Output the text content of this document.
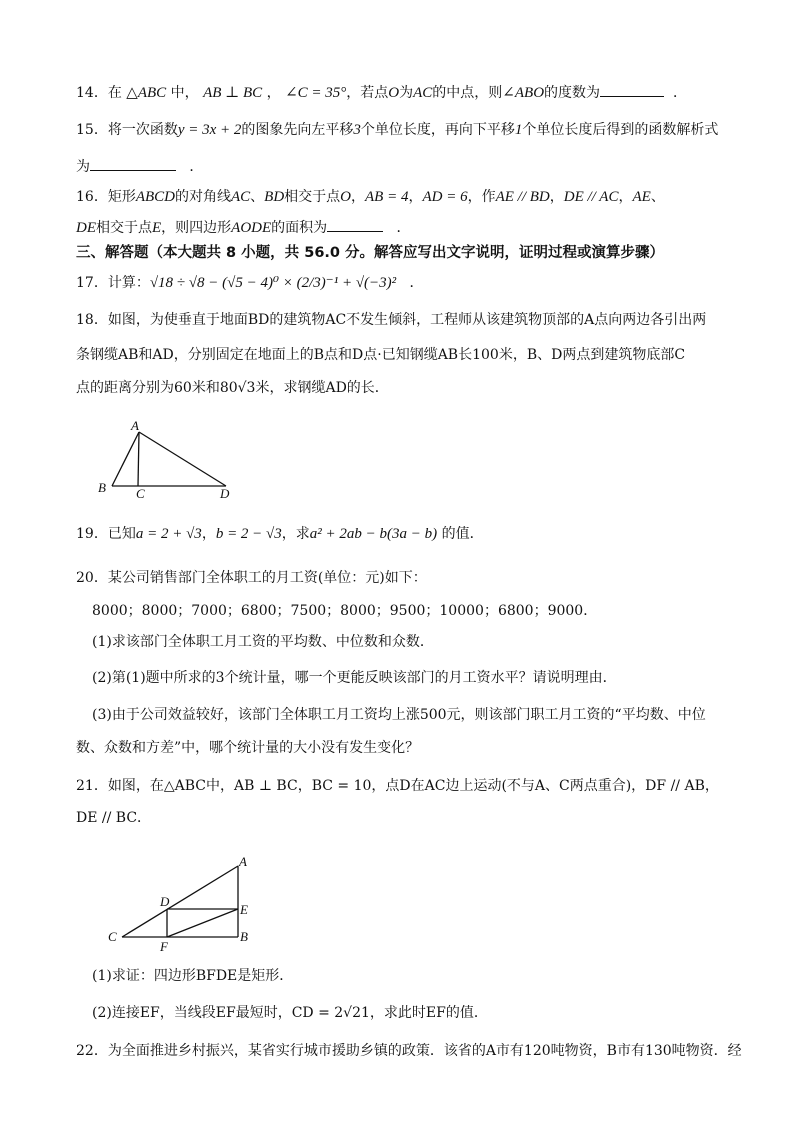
14．在 △ABC 中， AB ⊥ BC ， ∠C = 35°，若点O为AC的中点，则∠ABO的度数为	．
15．将一次函数y = 3x + 2的图象先向左平移3个单位长度，再向下平移1个单位长度后得到的函数解析式
为	．
16．矩形ABCD的对角线AC、BD相交于点O，AB = 4，AD = 6，作AE // BD，DE // AC，AE、
DE相交于点E，则四边形AODE的面积为	．
三、解答题（本大题共 8 小题，共 56.0 分。解答应写出文字说明，证明过程或演算步骤）
17．计算：√18 ÷ √8 − (√5 − 4)⁰ × (2/3)⁻¹ + √(−3)² ．
18．如图，为使垂直于地面BD的建筑物AC不发生倾斜，工程师从该建筑物顶部的A点向两边各引出两
条钢缆AB和AD，分别固定在地面上的B点和D点·已知钢缆AB长100米，B、D两点到建筑物底部C
点的距离分别为60米和80√3米，求钢缆AD的长．
A
B C	D
19．已知a = 2 + √3，b = 2 − √3，求a² + 2ab − b(3a − b) 的值．
20．某公司销售部门全体职工的月工资(单位：元)如下：
8000；8000；7000；6800；7500；8000；9500；10000；6800；9000．
(1)求该部门全体职工月工资的平均数、中位数和众数．
(2)第(1)题中所求的3个统计量，哪一个更能反映该部门的月工资水平？请说明理由．
(3)由于公司效益较好，该部门全体职工月工资均上涨500元，则该部门职工月工资的“平均数、中位
数、众数和方差”中，哪个统计量的大小没有发生变化？
21．如图，在△ABC中，AB ⊥ BC，BC = 10，点D在AC边上运动(不与A、C两点重合)，DF // AB，
DE // BC．
A
B
C
D
E
F
(1)求证：四边形BFDE是矩形．
(2)连接EF，当线段EF最短时，CD = 2√21，求此时EF的值．
22．为全面推进乡村振兴，某省实行城市援助乡镇的政策．该省的A市有120吨物资，B市有130吨物资．经
